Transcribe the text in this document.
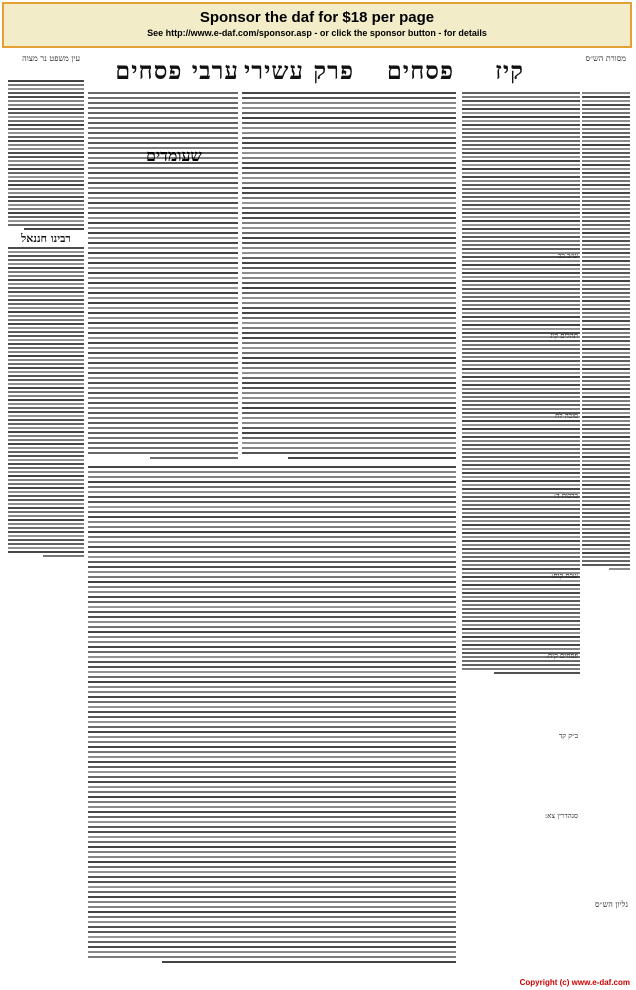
Sponsor the daf for $18 per page
See http://www.e-daf.com/sponsor.asp - or click the sponsor button - for details
קיז
פסחים
פרק עשירי
ערבי פסחים	מסורת הש״ס
עין משפט נר מצוה
רבינו חננאל
שעומדים
גליון הש״ס
ש״ב כב
תהלים קיג
סוכה לח
ברכות ד:
שבת קיח:
פסחים קיח.
ב״ק קד
סנהדרין צא:
Copyright (c) www.e-daf.com
